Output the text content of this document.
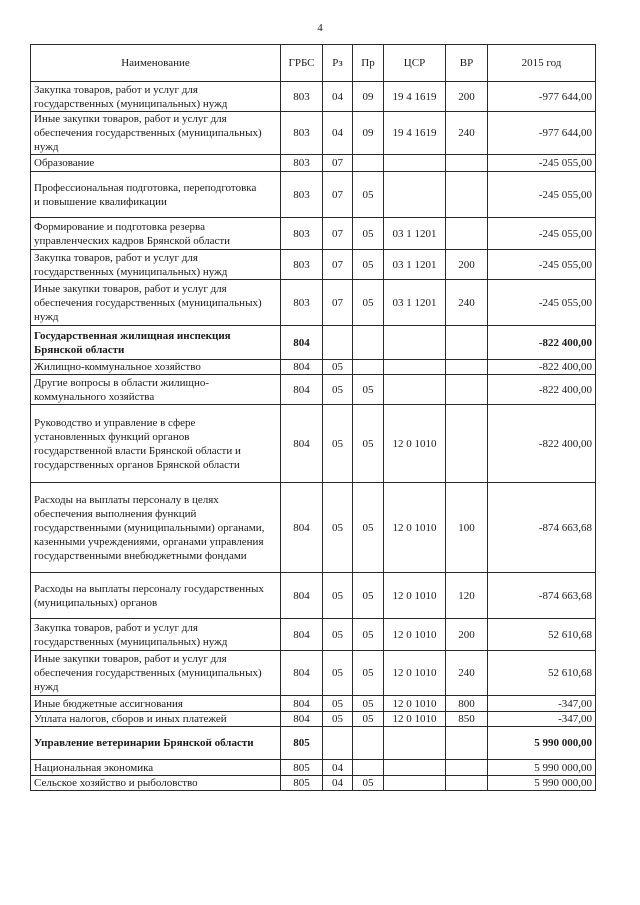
4
Наименование	ГРБС	Рз	Пр	ЦСР	ВР	2015 год
Закупка товаров, работ и услуг для
государственных (муниципальных) нужд	803	04	09	19 4 1619	200	-977 644,00
Иные закупки товаров, работ и услуг для
обеспечения государственных (муниципальных)
нужд	803	04	09	19 4 1619	240	-977 644,00
Образование	803	07				-245 055,00
Профессиональная подготовка, переподготовка
и повышение квалификации	803	07	05			-245 055,00
Формирование и подготовка резерва
управленческих кадров Брянской области	803	07	05	03 1 1201		-245 055,00
Закупка товаров, работ и услуг для
государственных (муниципальных) нужд	803	07	05	03 1 1201	200	-245 055,00
Иные закупки товаров, работ и услуг для
обеспечения государственных (муниципальных)
нужд	803	07	05	03 1 1201	240	-245 055,00
Государственная жилищная инспекция
Брянской области	804					-822 400,00
Жилищно-коммунальное хозяйство	804	05				-822 400,00
Другие вопросы в области жилищно-
коммунального хозяйства	804	05	05			-822 400,00
Руководство и управление в сфере
установленных функций органов
государственной власти Брянской области и
государственных органов Брянской области	804	05	05	12 0 1010		-822 400,00
Расходы на выплаты персоналу в целях
обеспечения выполнения функций
государственными (муниципальными) органами,
казенными учреждениями, органами управления
государственными внебюджетными фондами	804	05	05	12 0 1010	100	-874 663,68
Расходы на выплаты персоналу государственных
(муниципальных) органов	804	05	05	12 0 1010	120	-874 663,68
Закупка товаров, работ и услуг для
государственных (муниципальных) нужд	804	05	05	12 0 1010	200	52 610,68
Иные закупки товаров, работ и услуг для
обеспечения государственных (муниципальных)
нужд	804	05	05	12 0 1010	240	52 610,68
Иные бюджетные ассигнования	804	05	05	12 0 1010	800	-347,00
Уплата налогов, сборов и иных платежей	804	05	05	12 0 1010	850	-347,00
Управление ветеринарии Брянской области	805					5 990 000,00
Национальная экономика	805	04				5 990 000,00
Сельское хозяйство и рыболовство	805	04	05			5 990 000,00
